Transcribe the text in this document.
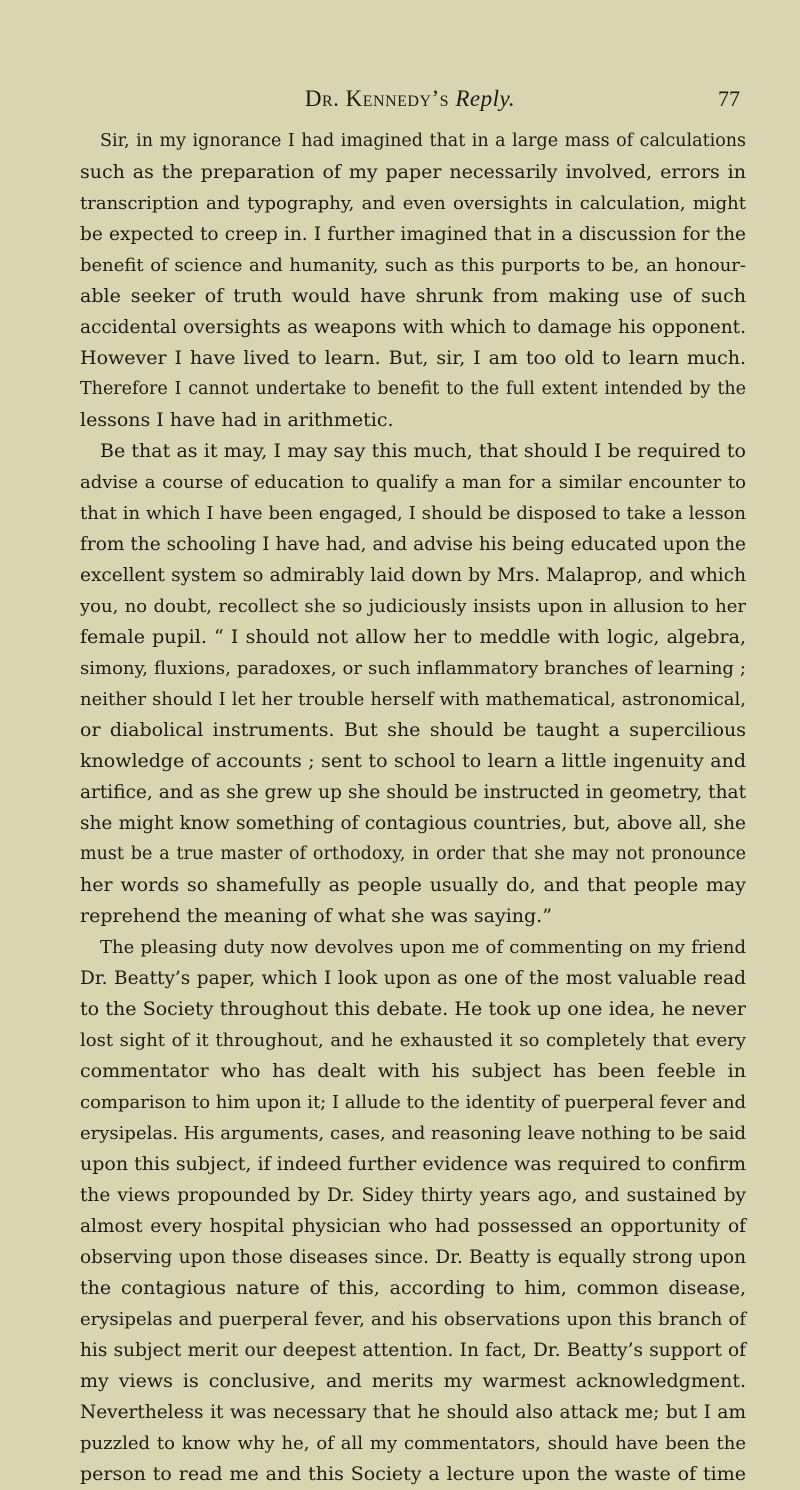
Dr. Kennedy’s Reply.	77
Sir, in my ignorance I had imagined that in a large mass of calculations
such as the preparation of my paper necessarily involved, errors in
transcription and typography, and even oversights in calculation, might
be expected to creep in. I further imagined that in a discussion for the
benefit of science and humanity, such as this purports to be, an honour-
able seeker of truth would have shrunk from making use of such
accidental oversights as weapons with which to damage his opponent.
However I have lived to learn. But, sir, I am too old to learn much.
Therefore I cannot undertake to benefit to the full extent intended by the
lessons I have had in arithmetic.
Be that as it may, I may say this much, that should I be required to
advise a course of education to qualify a man for a similar encounter to
that in which I have been engaged, I should be disposed to take a lesson
from the schooling I have had, and advise his being educated upon the
excellent system so admirably laid down by Mrs. Malaprop, and which
you, no doubt, recollect she so judiciously insists upon in allusion to her
female pupil. “ I should not allow her to meddle with logic, algebra,
simony, fluxions, paradoxes, or such inflammatory branches of learning ;
neither should I let her trouble herself with mathematical, astronomical,
or diabolical instruments. But she should be taught a supercilious
knowledge of accounts ; sent to school to learn a little ingenuity and
artifice, and as she grew up she should be instructed in geometry, that
she might know something of contagious countries, but, above all, she
must be a true master of orthodoxy, in order that she may not pronounce
her words so shamefully as people usually do, and that people may
reprehend the meaning of what she was saying.”
The pleasing duty now devolves upon me of commenting on my friend
Dr. Beatty’s paper, which I look upon as one of the most valuable read
to the Society throughout this debate. He took up one idea, he never
lost sight of it throughout, and he exhausted it so completely that every
commentator who has dealt with his subject has been feeble in
comparison to him upon it; I allude to the identity of puerperal fever and
erysipelas. His arguments, cases, and reasoning leave nothing to be said
upon this subject, if indeed further evidence was required to confirm
the views propounded by Dr. Sidey thirty years ago, and sustained by
almost every hospital physician who had possessed an opportunity of
observing upon those diseases since. Dr. Beatty is equally strong upon
the contagious nature of this, according to him, common disease,
erysipelas and puerperal fever, and his observations upon this branch of
his subject merit our deepest attention. In fact, Dr. Beatty’s support of
my views is conclusive, and merits my warmest acknowledgment.
Nevertheless it was necessary that he should also attack me; but I am
puzzled to know why he, of all my commentators, should have been the
person to read me and this Society a lecture upon the waste of time
